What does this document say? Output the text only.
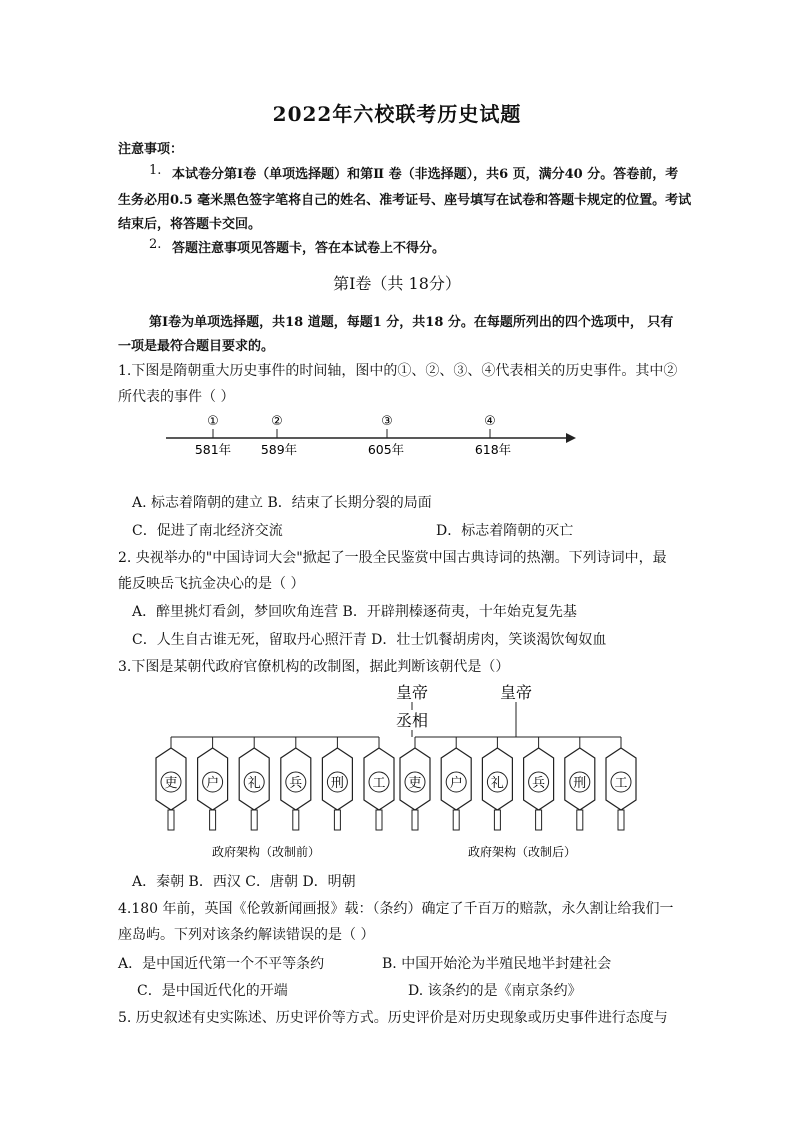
2022年六校联考历史试题
注意事项：
1. 本试卷分第Ⅰ卷（单项选择题）和第Ⅱ 卷（非选择题），共6 页，满分40 分。答卷前，考
生务必用0.5 毫米黑色签字笔将自己的姓名、准考证号、座号填写在试卷和答题卡规定的位置。考试
结束后，将答题卡交回。
2. 答题注意事项见答题卡，答在本试卷上不得分。
第Ⅰ卷（共 18分）
第Ⅰ卷为单项选择题，共18 道题，每题1 分，共18 分。在每题所列出的四个选项中， 只有
一项是最符合题目要求的。
1.下图是隋朝重大历史事件的时间轴，图中的①、②、③、④代表相关的历史事件。其中②
所代表的事件（ ）
①
581年
②
589年
③
605年
④
618年
A. 标志着隋朝的建立 B．结束了长期分裂的局面
C．促进了南北经济交流	D．标志着隋朝的灭亡
2. 央视举办的"中国诗词大会"掀起了一股全民鉴赏中国古典诗词的热潮。下列诗词中，最
能反映岳飞抗金决心的是（ ）
A．醉里挑灯看剑，梦回吹角连营 B．开辟荆榛逐荷夷，十年始克复先基
C．人生自古谁无死，留取丹心照汗青 D．壮士饥餐胡虏肉，笑谈渴饮匈奴血
3.下图是某朝代政府官僚机构的改制图，据此判断该朝代是（）
皇帝
丞相
吏 户 礼 兵 刑 工
政府架构（改制前）
皇帝
吏 户 礼 兵 刑 工
政府架构（改制后）
A．秦朝 B．西汉 C．唐朝 D．明朝
4.180 年前，英国《伦敦新闻画报》载：（条约）确定了千百万的赔款，永久割让给我们一
座岛屿。下列对该条约解读错误的是（ ）
A．是中国近代第一个不平等条约	B. 中国开始沦为半殖民地半封建社会
C．是中国近代化的开端	D. 该条约的是《南京条约》
5. 历史叙述有史实陈述、历史评价等方式。历史评价是对历史现象或历史事件进行态度与
